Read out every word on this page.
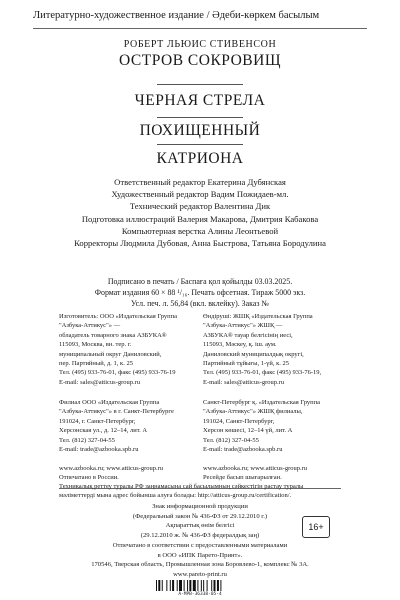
Литературно-художественное издание / Әдеби-көркем басылым
РОБЕРТ ЛЬЮИС СТИВЕНСОН
ОСТРОВ СОКРОВИЩ
ЧЕРНАЯ СТРЕЛА
ПОХИЩЕННЫЙ
КАТРИОНА
Ответственный редактор Екатерина Дубянская
Художественный редактор Вадим Пожидаев-мл.
Технический редактор Валентина Дик
Подготовка иллюстраций Валерия Макарова, Дмитрия Кабакова
Компьютерная верстка Алины Леонтьевой
Корректоры Людмила Дубовая, Анна Быстрова, Татьяна Бородулина
Подписано в печать / Баспаға қол қойылды 03.03.2025.
Формат издания 60 × 88 ¹/₁₆. Печать офсетная. Тираж 5000 экз.
Усл. печ. л. 56,84 (вкл. вклейку). Заказ №
Изготовитель: ООО «Издательская Группа
"Азбука-Аттикус"» —
обладатель товарного знака АЗБУКА®
115093, Москва, вн. тер. г.
муниципальный округ Даниловский,
пер. Партийный, д. 1, к. 25
Тел. (495) 933-76-01, факс (495) 933-76-19
E-mail: sales@atticus-group.ru
Өндіруші: ЖШҚ «Издательская Группа
"Азбука-Аттикус"» ЖШҚ —
АЗБУКА® тауар белгісінің иесі,
115093, Мәскеу, қ. іш. аум.
Даниловский муниципалдық округі,
Партийный тұйығы, 1-үй, к. 25
Тел. (495) 933-76-01, факс (495) 933-76-19,
E-mail: sales@atticus-group.ru
Филиал ООО «Издательская Группа
"Азбука-Аттикус"» в г. Санкт-Петербурге
191024, г. Санкт-Петербург,
Херсонская ул., д. 12–14, лит. А
Тел. (812) 327-04-55
E-mail: trade@azbooka.spb.ru
Санкт-Петербург қ. «Издательская Группа
"Азбука-Аттикус"» ЖШҚ филиалы,
191024, Санкт-Петербург,
Херсон көшесі, 12–14 үй, лит. А
Тел. (812) 327-04-55
E-mail: trade@azbooka.spb.ru
www.azbooka.ru; www.atticus-group.ru
Отпечатано в России.
www.azbooka.ru; www.atticus-group.ru
Ресейде басып шығарылған.
Техникалық реттеу туралы РФ заңнамасына сай басылымның сәйкестігін растау туралы
мәліметтерді мына адрес бойынша алуға болады: http://atticus-group.ru/certification/.
Знак информационной продукции
(Федеральный закон № 436-ФЗ от 29.12.2010 г.)
Ақпараттық өнім белгісі
(29.12.2010 ж. № 436-ФЗ федералдық заң)
16+
Отпечатано в соответствии с предоставленными материалами
в ООО «ИПК Парето-Принт».
170546, Тверская область, Промышленная зона Боровлево-1, комплекс № 3А.
www.pareto-print.ru
A-MPB-36338-05-4
